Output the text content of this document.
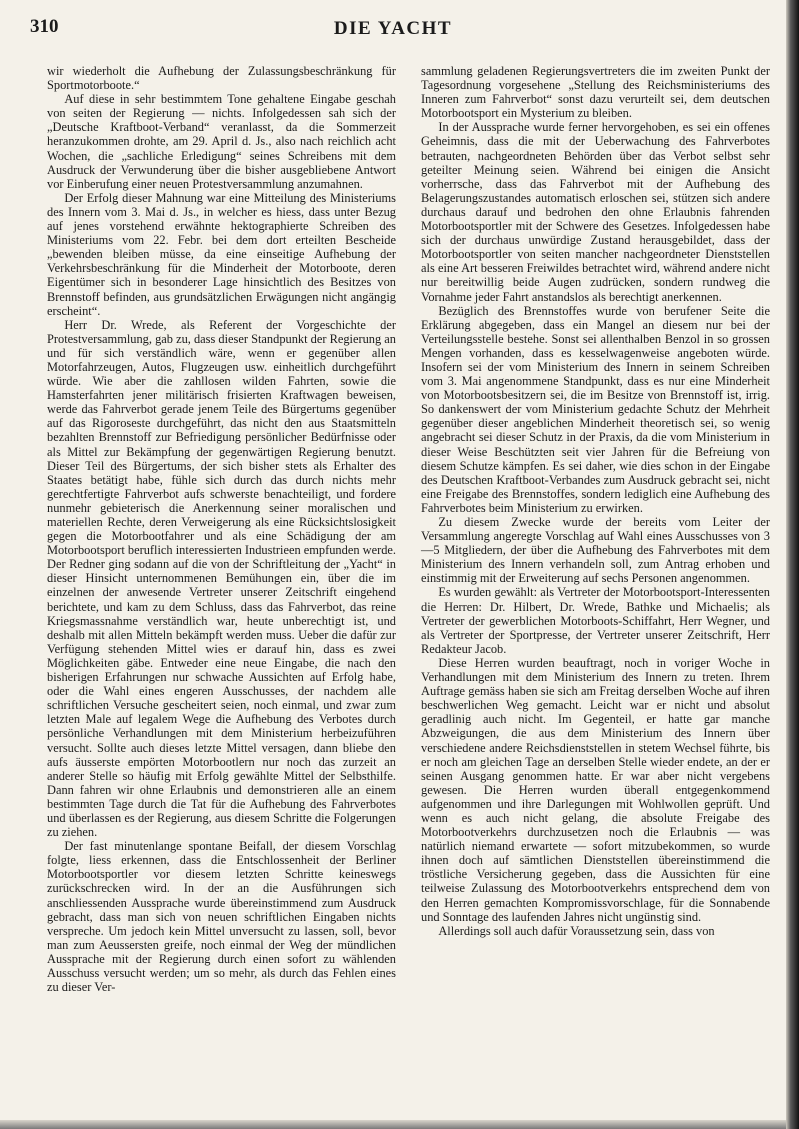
310	DIE YACHT

wir wiederholt die Aufhebung der Zulassungsbeschränkung für Sportmotorboote.“

Auf diese in sehr bestimmtem Tone gehaltene Eingabe geschah von seiten der Regierung — nichts. Infolgedessen sah sich der „Deutsche Kraftboot-Verband“ veranlasst, da die Sommerzeit heranzukommen drohte, am 29. April d. Js., also nach reichlich acht Wochen, die „sachliche Erledigung“ seines Schreibens mit dem Ausdruck der Verwunderung über die bisher ausgebliebene Antwort vor Einberufung einer neuen Protestversammlung anzumahnen.

Der Erfolg dieser Mahnung war eine Mitteilung des Ministeriums des Innern vom 3. Mai d. Js., in welcher es hiess, dass unter Bezug auf jenes vorstehend erwähnte hektographierte Schreiben des Ministeriums vom 22. Febr. bei dem dort erteilten Bescheide „bewenden bleiben müsse, da eine einseitige Aufhebung der Verkehrsbeschränkung für die Minderheit der Motorboote, deren Eigentümer sich in besonderer Lage hinsichtlich des Besitzes von Brennstoff befinden, aus grundsätzlichen Erwägungen nicht angängig erscheint“.

Herr Dr. Wrede, als Referent der Vorgeschichte der Protestversammlung, gab zu, dass dieser Standpunkt der Regierung an und für sich verständlich wäre, wenn er gegenüber allen Motorfahrzeugen, Autos, Flugzeugen usw. einheitlich durchgeführt würde. Wie aber die zahllosen wilden Fahrten, sowie die Hamsterfahrten jener militärisch frisierten Kraftwagen beweisen, werde das Fahrverbot gerade jenem Teile des Bürgertums gegenüber auf das Rigoroseste durchgeführt, das nicht den aus Staatsmitteln bezahlten Brennstoff zur Befriedigung persönlicher Bedürfnisse oder als Mittel zur Bekämpfung der gegenwärtigen Regierung benutzt. Dieser Teil des Bürgertums, der sich bisher stets als Erhalter des Staates betätigt habe, fühle sich durch das durch nichts mehr gerechtfertigte Fahrverbot aufs schwerste benachteiligt, und fordere nunmehr gebieterisch die Anerkennung seiner moralischen und materiellen Rechte, deren Verweigerung als eine Rücksichtslosigkeit gegen die Motorbootfahrer und als eine Schädigung der am Motorbootsport beruflich interessierten Industrieen empfunden werde. Der Redner ging sodann auf die von der Schriftleitung der „Yacht“ in dieser Hinsicht unternommenen Bemühungen ein, über die im einzelnen der anwesende Vertreter unserer Zeitschrift eingehend berichtete, und kam zu dem Schluss, dass das Fahrverbot, das reine Kriegsmassnahme verständlich war, heute unberechtigt ist, und deshalb mit allen Mitteln bekämpft werden muss. Ueber die dafür zur Verfügung stehenden Mittel wies er darauf hin, dass es zwei Möglichkeiten gäbe. Entweder eine neue Eingabe, die nach den bisherigen Erfahrungen nur schwache Aussichten auf Erfolg habe, oder die Wahl eines engeren Ausschusses, der nachdem alle schriftlichen Versuche gescheitert seien, noch einmal, und zwar zum letzten Male auf legalem Wege die Aufhebung des Verbotes durch persönliche Verhandlungen mit dem Ministerium herbeizuführen versucht. Sollte auch dieses letzte Mittel versagen, dann bliebe den aufs äusserste empörten Motorbootlern nur noch das zurzeit an anderer Stelle so häufig mit Erfolg gewählte Mittel der Selbsthilfe. Dann fahren wir ohne Erlaubnis und demonstrieren alle an einem bestimmten Tage durch die Tat für die Aufhebung des Fahrverbotes und überlassen es der Regierung, aus diesem Schritte die Folgerungen zu ziehen.

Der fast minutenlange spontane Beifall, der diesem Vorschlag folgte, liess erkennen, dass die Entschlossenheit der Berliner Motorbootsportler vor diesem letzten Schritte keineswegs zurückschrecken wird. In der an die Ausführungen sich anschliessenden Aussprache wurde übereinstimmend zum Ausdruck gebracht, dass man sich von neuen schriftlichen Eingaben nichts verspreche. Um jedoch kein Mittel unversucht zu lassen, soll, bevor man zum Aeussersten greife, noch einmal der Weg der mündlichen Aussprache mit der Regierung durch einen sofort zu wählenden Ausschuss versucht werden; um so mehr, als durch das Fehlen eines zu dieser Ver-

sammlung geladenen Regierungsvertreters die im zweiten Punkt der Tagesordnung vorgesehene „Stellung des Reichsministeriums des Inneren zum Fahrverbot“ sonst dazu verurteilt sei, dem deutschen Motorbootsport ein Mysterium zu bleiben.

In der Aussprache wurde ferner hervorgehoben, es sei ein offenes Geheimnis, dass die mit der Ueberwachung des Fahrverbotes betrauten, nachgeordneten Behörden über das Verbot selbst sehr geteilter Meinung seien. Während bei einigen die Ansicht vorherrsche, dass das Fahrverbot mit der Aufhebung des Belagerungszustandes automatisch erloschen sei, stützen sich andere durchaus darauf und bedrohen den ohne Erlaubnis fahrenden Motorbootsportler mit der Schwere des Gesetzes. Infolgedessen habe sich der durchaus unwürdige Zustand herausgebildet, dass der Motorbootsportler von seiten mancher nachgeordneter Dienststellen als eine Art besseren Freiwildes betrachtet wird, während andere nicht nur bereitwillig beide Augen zudrücken, sondern rundweg die Vornahme jeder Fahrt anstandslos als berechtigt anerkennen.

Bezüglich des Brennstoffes wurde von berufener Seite die Erklärung abgegeben, dass ein Mangel an diesem nur bei der Verteilungsstelle bestehe. Sonst sei allenthalben Benzol in so grossen Mengen vorhanden, dass es kesselwagenweise angeboten würde. Insofern sei der vom Ministerium des Innern in seinem Schreiben vom 3. Mai angenommene Standpunkt, dass es nur eine Minderheit von Motorbootsbesitzern sei, die im Besitze von Brennstoff ist, irrig. So dankenswert der vom Ministerium gedachte Schutz der Mehrheit gegenüber dieser angeblichen Minderheit theoretisch sei, so wenig angebracht sei dieser Schutz in der Praxis, da die vom Ministerium in dieser Weise Beschützten seit vier Jahren für die Befreiung von diesem Schutze kämpfen. Es sei daher, wie dies schon in der Eingabe des Deutschen Kraftboot-Verbandes zum Ausdruck gebracht sei, nicht eine Freigabe des Brennstoffes, sondern lediglich eine Aufhebung des Fahrverbotes beim Ministerium zu erwirken.

Zu diesem Zwecke wurde der bereits vom Leiter der Versammlung angeregte Vorschlag auf Wahl eines Ausschusses von 3—5 Mitgliedern, der über die Aufhebung des Fahrverbotes mit dem Ministerium des Innern verhandeln soll, zum Antrag erhoben und einstimmig mit der Erweiterung auf sechs Personen angenommen.

Es wurden gewählt: als Vertreter der Motorbootsport-Interessenten die Herren: Dr. Hilbert, Dr. Wrede, Bathke und Michaelis; als Vertreter der gewerblichen Motorboots-Schiffahrt, Herr Wegner, und als Vertreter der Sportpresse, der Vertreter unserer Zeitschrift, Herr Redakteur Jacob.

Diese Herren wurden beauftragt, noch in voriger Woche in Verhandlungen mit dem Ministerium des Innern zu treten. Ihrem Auftrage gemäss haben sie sich am Freitag derselben Woche auf ihren beschwerlichen Weg gemacht. Leicht war er nicht und absolut geradlinig auch nicht. Im Gegenteil, er hatte gar manche Abzweigungen, die aus dem Ministerium des Innern über verschiedene andere Reichsdienststellen in stetem Wechsel führte, bis er noch am gleichen Tage an derselben Stelle wieder endete, an der er seinen Ausgang genommen hatte. Er war aber nicht vergebens gewesen. Die Herren wurden überall entgegenkommend aufgenommen und ihre Darlegungen mit Wohlwollen geprüft. Und wenn es auch nicht gelang, die absolute Freigabe des Motorbootverkehrs durchzusetzen noch die Erlaubnis — was natürlich niemand erwartete — sofort mitzubekommen, so wurde ihnen doch auf sämtlichen Dienststellen übereinstimmend die tröstliche Versicherung gegeben, dass die Aussichten für eine teilweise Zulassung des Motorbootverkehrs entsprechend dem von den Herren gemachten Kompromissvorschlage, für die Sonnabende und Sonntage des laufenden Jahres nicht ungünstig sind.

Allerdings soll auch dafür Voraussetzung sein, dass von
